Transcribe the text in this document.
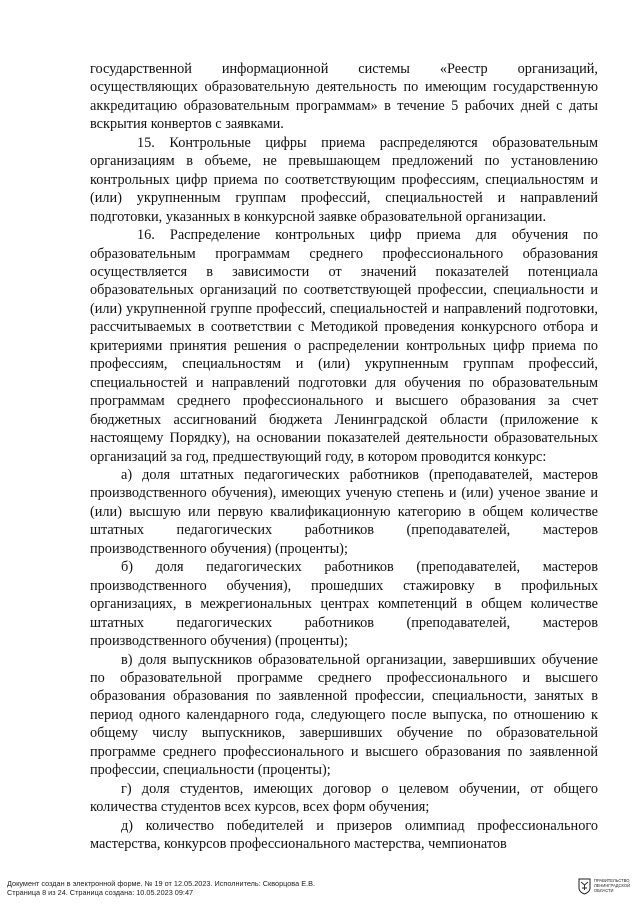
государственной информационной системы «Реестр организаций, осуществляющих образовательную деятельность по имеющим государственную аккредитацию образовательным программам» в течение 5 рабочих дней с даты вскрытия конвертов с заявками.

15. Контрольные цифры приема распределяются образовательным организациям в объеме, не превышающем предложений по установлению контрольных цифр приема по соответствующим профессиям, специальностям и (или) укрупненным группам профессий, специальностей и направлений подготовки, указанных в конкурсной заявке образовательной организации.

16. Распределение контрольных цифр приема для обучения по образовательным программам среднего профессионального образования осуществляется в зависимости от значений показателей потенциала образовательных организаций по соответствующей профессии, специальности и (или) укрупненной группе профессий, специальностей и направлений подготовки, рассчитываемых в соответствии с Методикой проведения конкурсного отбора и критериями принятия решения о распределении контрольных цифр приема по профессиям, специальностям и (или) укрупненным группам профессий, специальностей и направлений подготовки для обучения по образовательным программам среднего профессионального и высшего образования за счет бюджетных ассигнований бюджета Ленинградской области (приложение к настоящему Порядку), на основании показателей деятельности образовательных организаций за год, предшествующий году, в котором проводится конкурс:

а) доля штатных педагогических работников (преподавателей, мастеров производственного обучения), имеющих ученую степень и (или) ученое звание и (или) высшую или первую квалификационную категорию в общем количестве штатных педагогических работников (преподавателей, мастеров производственного обучения) (проценты);

б) доля педагогических работников (преподавателей, мастеров производственного обучения), прошедших стажировку в профильных организациях, в межрегиональных центрах компетенций в общем количестве штатных педагогических работников (преподавателей, мастеров производственного обучения) (проценты);

в) доля выпускников образовательной организации, завершивших обучение по образовательной программе среднего профессионального и высшего образования образования по заявленной профессии, специальности, занятых в период одного календарного года, следующего после выпуска, по отношению к общему числу выпускников, завершивших обучение по образовательной программе среднего профессионального и высшего образования по заявленной профессии, специальности (проценты);

г) доля студентов, имеющих договор о целевом обучении, от общего количества студентов всех курсов, всех форм обучения;

д) количество победителей и призеров олимпиад профессионального мастерства, конкурсов профессионального мастерства, чемпионатов

Документ создан в электронной форме. № 19 от 12.05.2023. Исполнитель: Скворцова Е.В.
Страница 8 из 24. Страница создана: 10.05.2023 09:47
ПРАВИТЕЛЬСТВО
ЛЕНИНГРАДСКОЙ
ОБЛАСТИ
